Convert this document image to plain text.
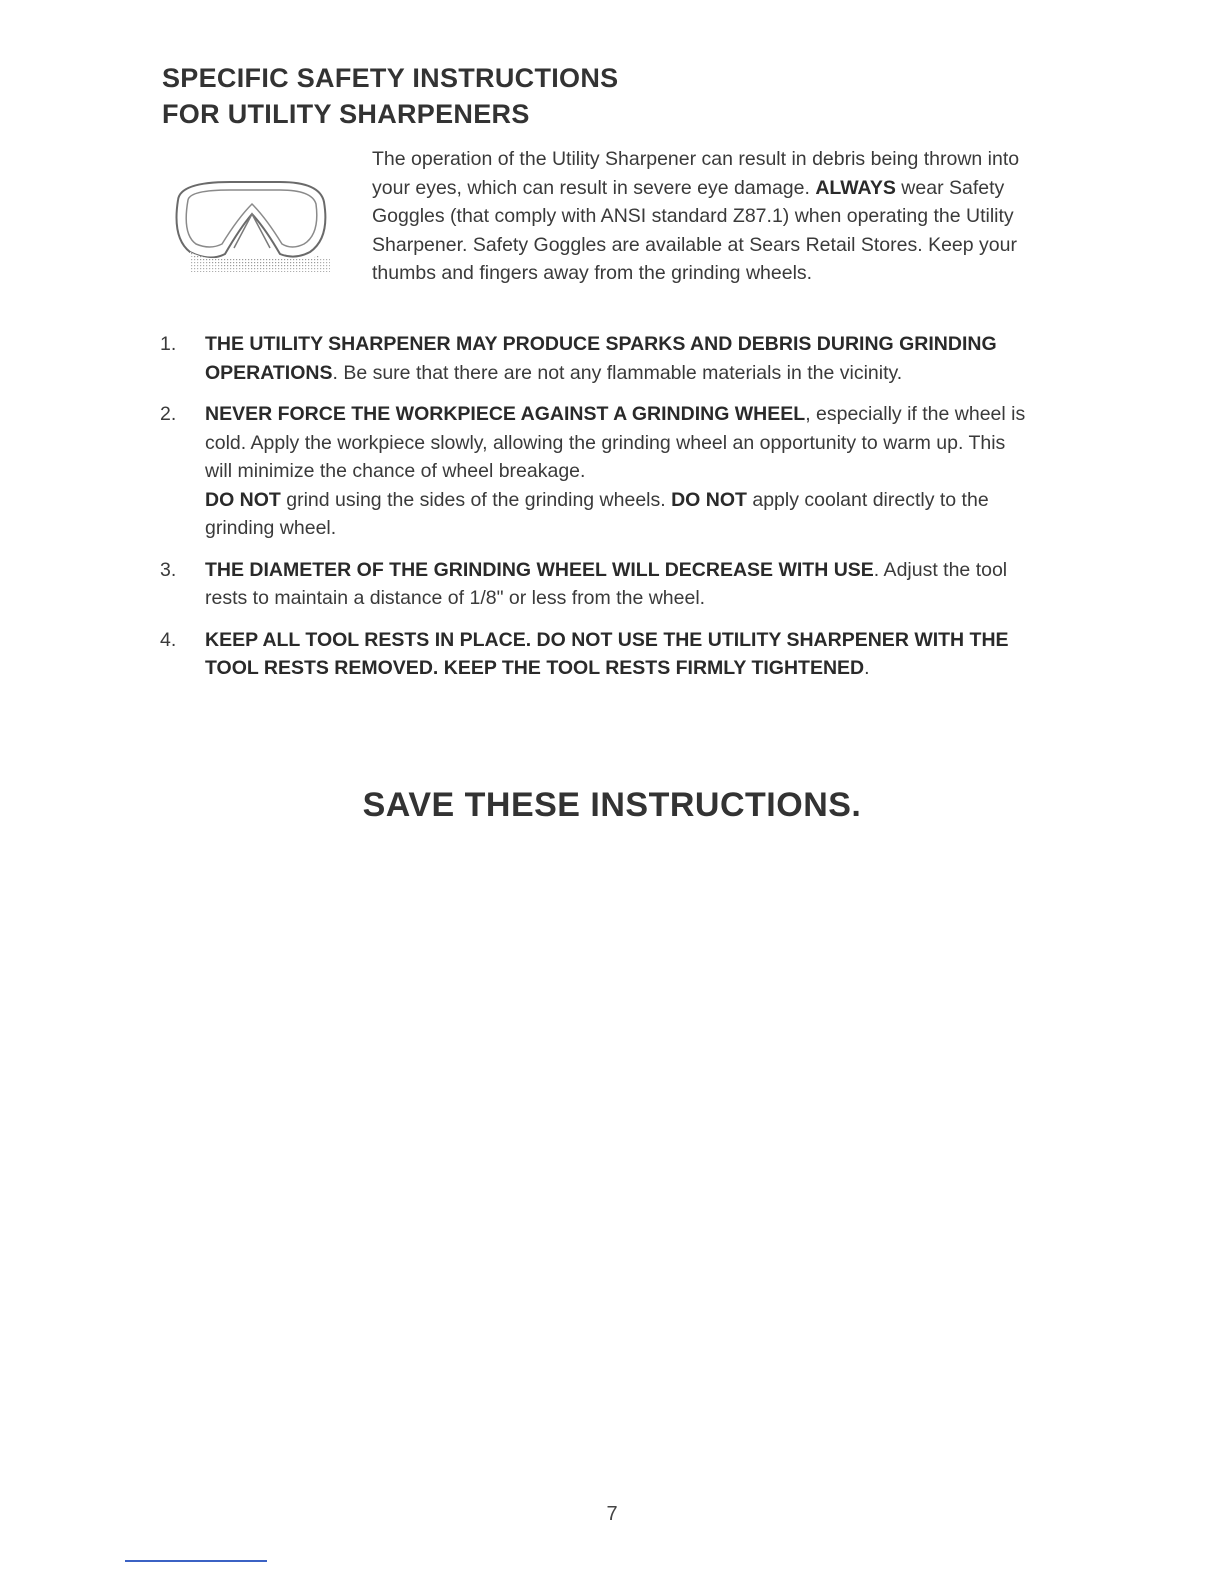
SPECIFIC SAFETY INSTRUCTIONS
FOR UTILITY SHARPENERS

The operation of the Utility Sharpener can result in debris being thrown into your eyes, which can result in severe eye damage. ALWAYS wear Safety Goggles (that comply with ANSI standard Z87.1) when operating the Utility Sharpener. Safety Goggles are available at Sears Retail Stores. Keep your thumbs and fingers away from the grinding wheels.

1. THE UTILITY SHARPENER MAY PRODUCE SPARKS AND DEBRIS DURING GRINDING OPERATIONS. Be sure that there are not any flammable materials in the vicinity.
2. NEVER FORCE THE WORKPIECE AGAINST A GRINDING WHEEL, especially if the wheel is cold. Apply the workpiece slowly, allowing the grinding wheel an opportunity to warm up. This will minimize the chance of wheel breakage.
DO NOT grind using the sides of the grinding wheels. DO NOT apply coolant directly to the grinding wheel.
3. THE DIAMETER OF THE GRINDING WHEEL WILL DECREASE WITH USE. Adjust the tool rests to maintain a distance of 1/8" or less from the wheel.
4. KEEP ALL TOOL RESTS IN PLACE. DO NOT USE THE UTILITY SHARPENER WITH THE TOOL RESTS REMOVED. KEEP THE TOOL RESTS FIRMLY TIGHTENED.
SAVE THESE INSTRUCTIONS.
7
